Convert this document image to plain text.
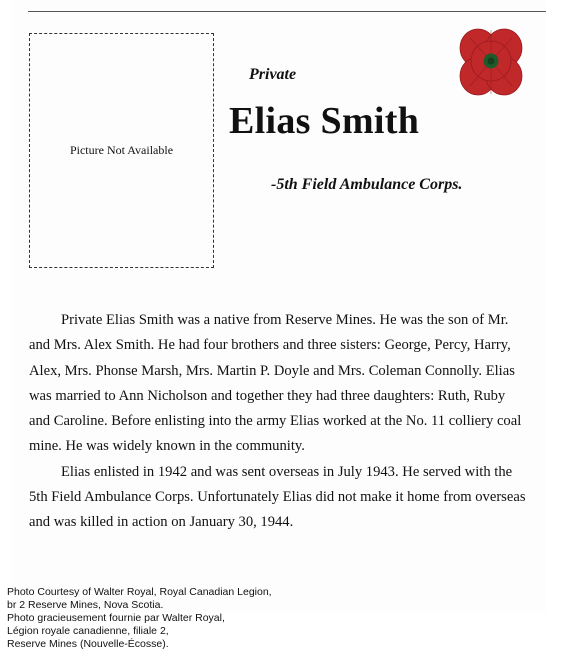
Picture Not Available
Private
Elias Smith
-5th Field Ambulance Corps.

Private Elias Smith was a native from Reserve Mines. He was the son of Mr. and Mrs. Alex Smith. He had four brothers and three sisters: George, Percy, Harry, Alex, Mrs. Phonse Marsh, Mrs. Martin P. Doyle and Mrs. Coleman Connolly. Elias was married to Ann Nicholson and together they had three daughters: Ruth, Ruby and Caroline. Before enlisting into the army Elias worked at the No. 11 colliery coal mine. He was widely known in the community.

Elias enlisted in 1942 and was sent overseas in July 1943. He served with the 5th Field Ambulance Corps. Unfortunately Elias did not make it home from overseas and was killed in action on January 30, 1944.

Photo Courtesy of Walter Royal, Royal Canadian Legion,
br 2 Reserve Mines, Nova Scotia.
Photo gracieusement fournie par Walter Royal,
Légion royale canadienne, filiale 2,
Reserve Mines (Nouvelle-Écosse).
